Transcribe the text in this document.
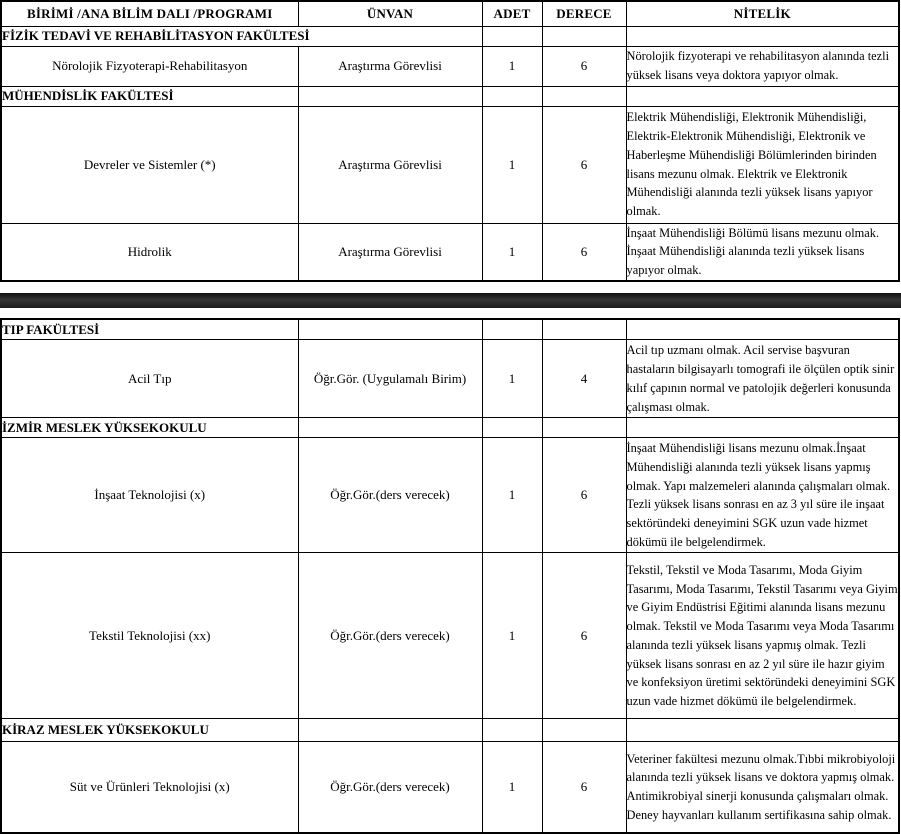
BİRİMİ /ANA BİLİM DALI /PROGRAMI	ÜNVAN	ADET	DERECE	NİTELİK
FİZİK TEDAVİ VE REHABİLİTASYON FAKÜLTESİ				
Nörolojik Fizyoterapi-Rehabilitasyon	Araştırma Görevlisi	1	6	Nörolojik fizyoterapi ve rehabilitasyon alanında tezli yüksek lisans veya doktora yapıyor olmak.
MÜHENDİSLİK FAKÜLTESİ				
Devreler ve Sistemler (*)	Araştırma Görevlisi	1	6	Elektrik Mühendisliği, Elektronik Mühendisliği, Elektrik-Elektronik Mühendisliği, Elektronik ve Haberleşme Mühendisliği Bölümlerinden birinden lisans mezunu olmak. Elektrik ve Elektronik Mühendisliği alanında tezli yüksek lisans yapıyor olmak.
Hidrolik	Araştırma Görevlisi	1	6	İnşaat Mühendisliği Bölümü lisans mezunu olmak. İnşaat Mühendisliği alanında tezli yüksek lisans yapıyor olmak.
TIP FAKÜLTESİ				
Acil Tıp	Öğr.Gör. (Uygulamalı Birim)	1	4	Acil tıp uzmanı olmak. Acil servise başvuran hastaların bilgisayarlı tomografi ile ölçülen optik sinir kılıf çapının normal ve patolojik değerleri konusunda çalışması olmak.
İZMİR MESLEK YÜKSEKOKULU				
İnşaat Teknolojisi (x)	Öğr.Gör.(ders verecek)	1	6	İnşaat Mühendisliği lisans mezunu olmak.İnşaat Mühendisliği alanında tezli yüksek lisans yapmış olmak. Yapı malzemeleri alanında çalışmaları olmak. Tezli yüksek lisans sonrası en az 3 yıl süre ile inşaat sektöründeki deneyimini SGK uzun vade hizmet dökümü ile belgelendirmek.
Tekstil Teknolojisi (xx)	Öğr.Gör.(ders verecek)	1	6	Tekstil, Tekstil ve Moda Tasarımı, Moda Giyim Tasarımı, Moda Tasarımı, Tekstil Tasarımı veya Giyim ve Giyim Endüstrisi Eğitimi alanında lisans mezunu olmak. Tekstil ve Moda Tasarımı veya Moda Tasarımı alanında tezli yüksek lisans yapmış olmak. Tezli yüksek lisans sonrası en az 2 yıl süre ile hazır giyim ve konfeksiyon üretimi sektöründeki deneyimini SGK uzun vade hizmet dökümü ile belgelendirmek.
KİRAZ MESLEK YÜKSEKOKULU				
Süt ve Ürünleri Teknolojisi (x)	Öğr.Gör.(ders verecek)	1	6	Veteriner fakültesi mezunu olmak.Tıbbi mikrobiyoloji alanında tezli yüksek lisans ve doktora yapmış olmak. Antimikrobiyal sinerji konusunda çalışmaları olmak. Deney hayvanları kullanım sertifikasına sahip olmak.
